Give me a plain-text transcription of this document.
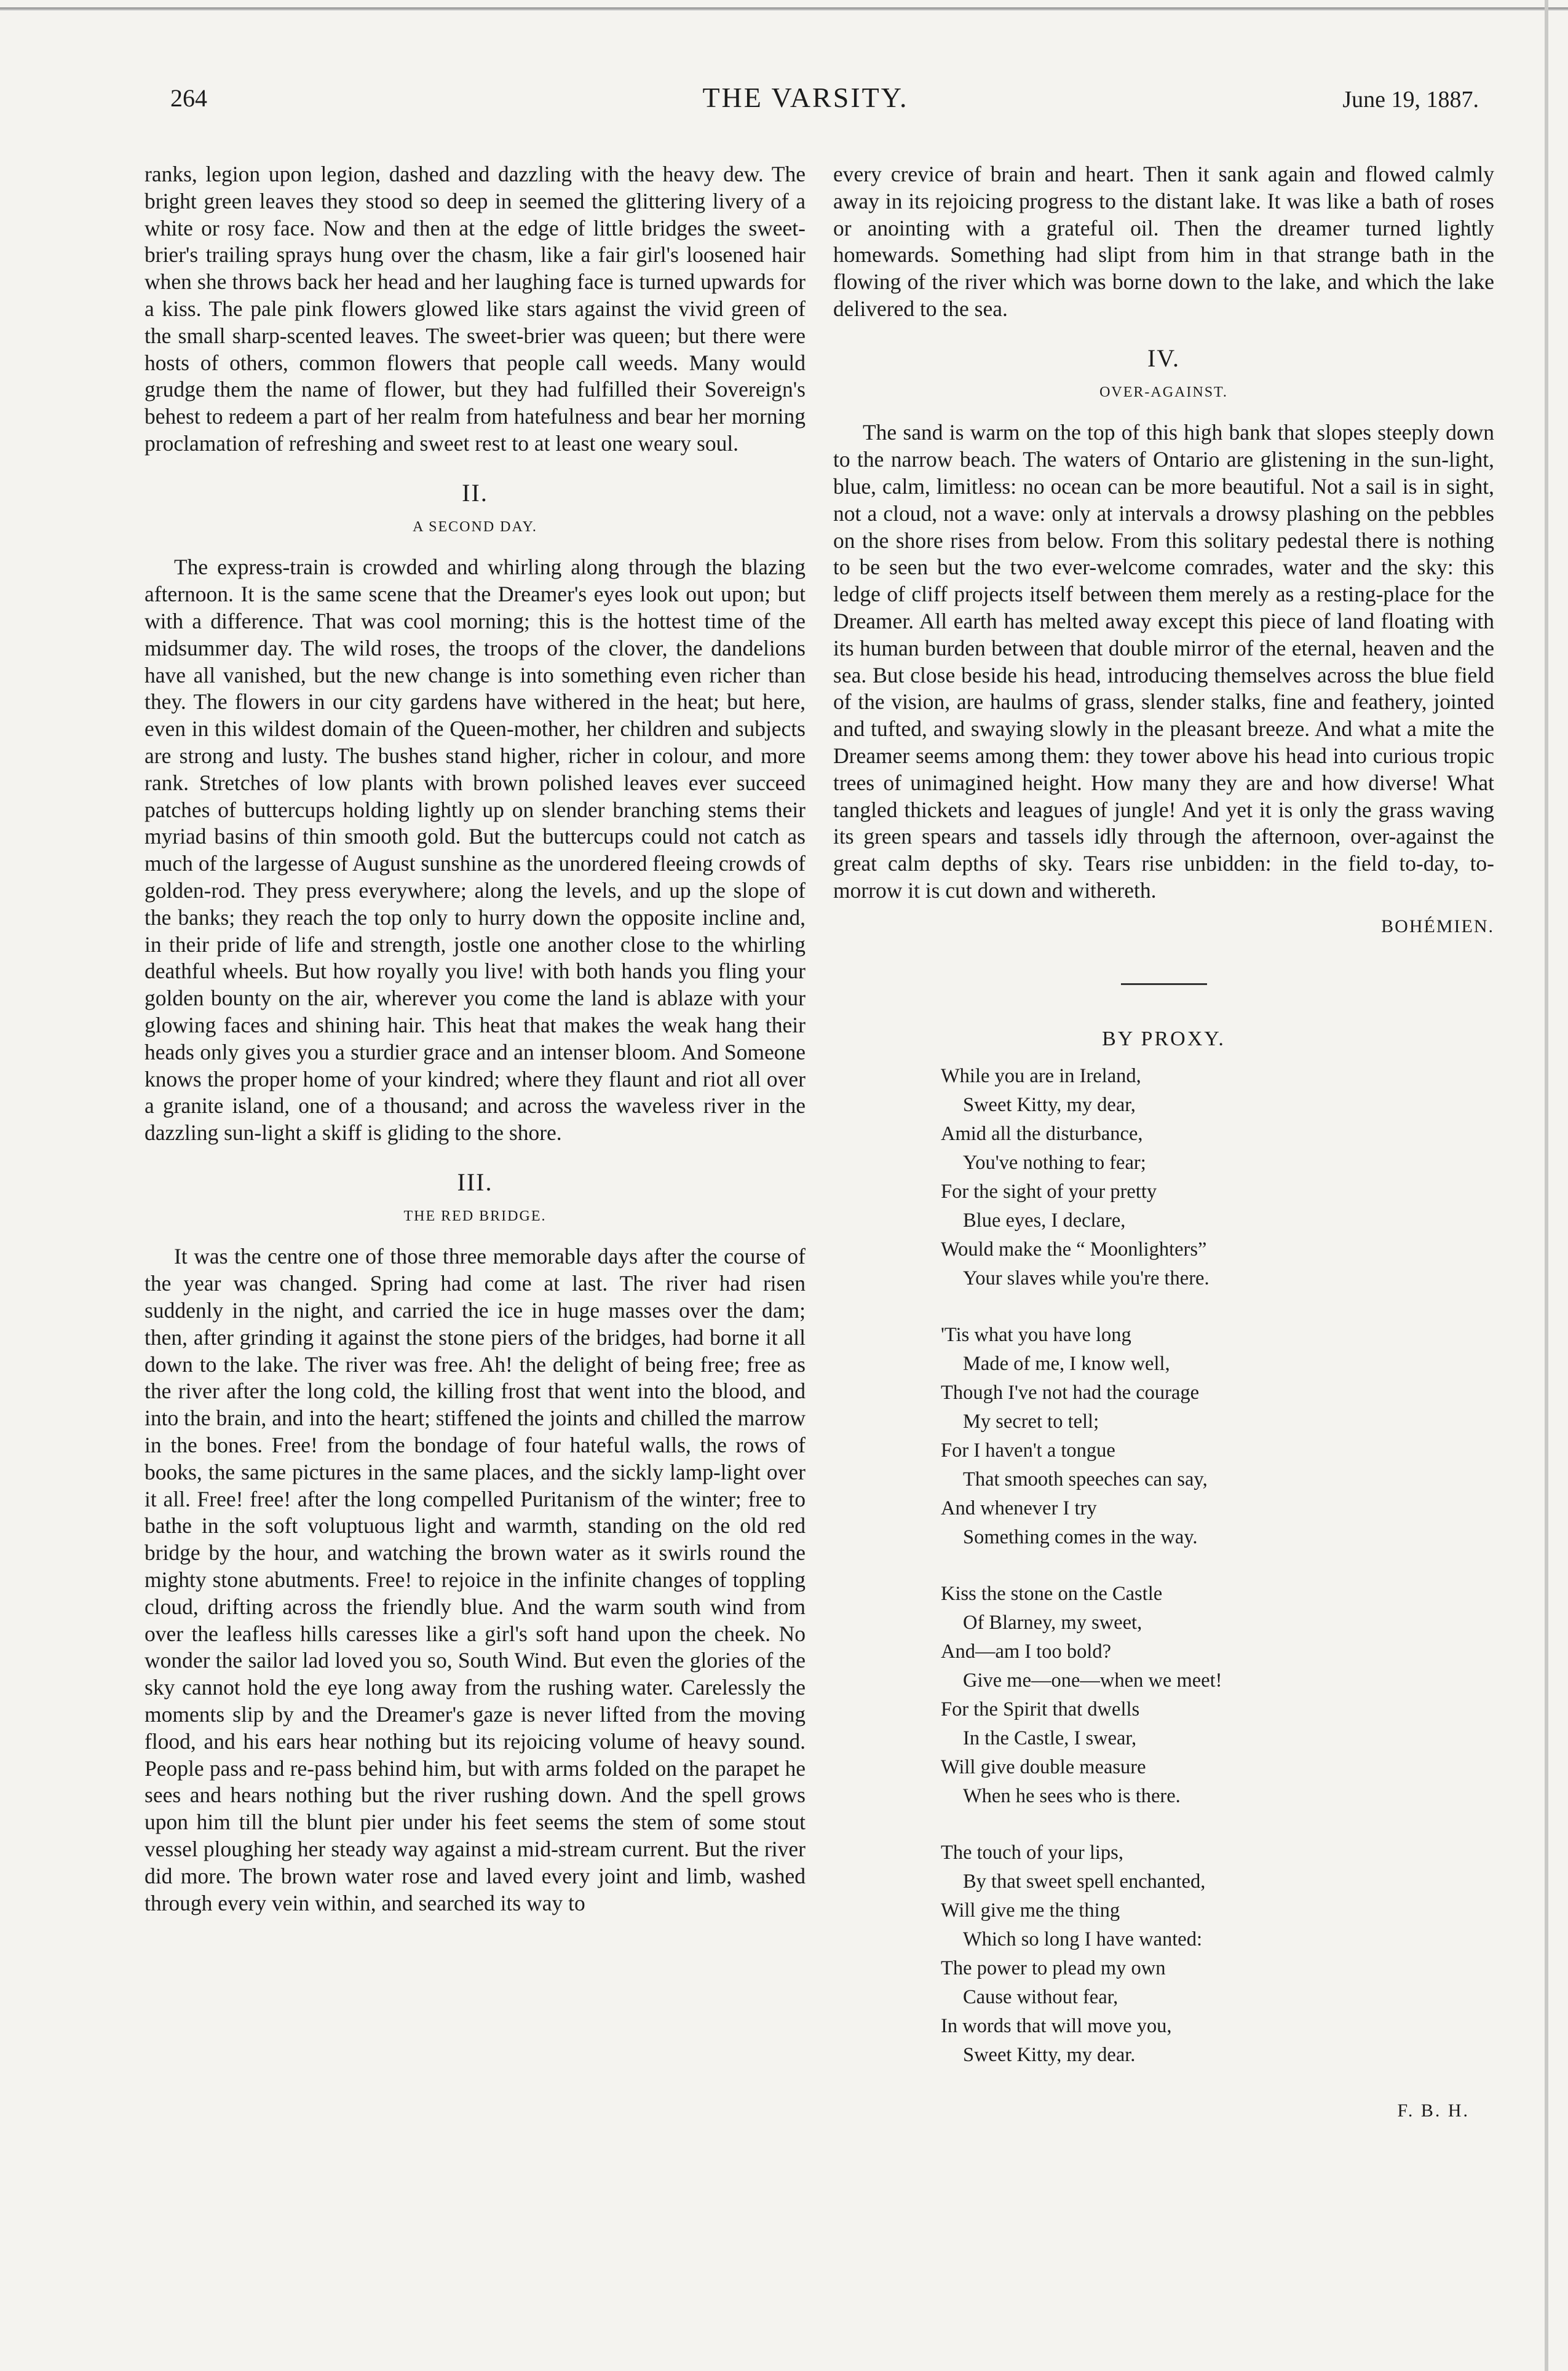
264	THE VARSITY.	June 19, 1887.

ranks, legion upon legion, dashed and dazzling with the heavy dew. The bright green leaves they stood so deep in seemed the glittering livery of a white or rosy face. Now and then at the edge of little bridges the sweet-brier's trailing sprays hung over the chasm, like a fair girl's loosened hair when she throws back her head and her laughing face is turned upwards for a kiss. The pale pink flowers glowed like stars against the vivid green of the small sharp-scented leaves. The sweet-brier was queen; but there were hosts of others, common flowers that people call weeds. Many would grudge them the name of flower, but they had fulfilled their Sovereign's behest to redeem a part of her realm from hatefulness and bear her morning proclamation of refreshing and sweet rest to at least one weary soul.

II.
A SECOND DAY.

The express-train is crowded and whirling along through the blazing afternoon. It is the same scene that the Dreamer's eyes look out upon; but with a difference. That was cool morning; this is the hottest time of the midsummer day. The wild roses, the troops of the clover, the dandelions have all vanished, but the new change is into something even richer than they. The flowers in our city gardens have withered in the heat; but here, even in this wildest domain of the Queen-mother, her children and subjects are strong and lusty. The bushes stand higher, richer in colour, and more rank. Stretches of low plants with brown polished leaves ever succeed patches of buttercups holding lightly up on slender branching stems their myriad basins of thin smooth gold. But the buttercups could not catch as much of the largesse of August sunshine as the unordered fleeing crowds of golden-rod. They press everywhere; along the levels, and up the slope of the banks; they reach the top only to hurry down the opposite incline and, in their pride of life and strength, jostle one another close to the whirling deathful wheels. But how royally you live! with both hands you fling your golden bounty on the air, wherever you come the land is ablaze with your glowing faces and shining hair. This heat that makes the weak hang their heads only gives you a sturdier grace and an intenser bloom. And Someone knows the proper home of your kindred; where they flaunt and riot all over a granite island, one of a thousand; and across the waveless river in the dazzling sun-light a skiff is gliding to the shore.

III.
THE RED BRIDGE.

It was the centre one of those three memorable days after the course of the year was changed. Spring had come at last. The river had risen suddenly in the night, and carried the ice in huge masses over the dam; then, after grinding it against the stone piers of the bridges, had borne it all down to the lake. The river was free. Ah! the delight of being free; free as the river after the long cold, the killing frost that went into the blood, and into the brain, and into the heart; stiffened the joints and chilled the marrow in the bones. Free! from the bondage of four hateful walls, the rows of books, the same pictures in the same places, and the sickly lamp-light over it all. Free! free! after the long compelled Puritanism of the winter; free to bathe in the soft voluptuous light and warmth, standing on the old red bridge by the hour, and watching the brown water as it swirls round the mighty stone abutments. Free! to rejoice in the infinite changes of toppling cloud, drifting across the friendly blue. And the warm south wind from over the leafless hills caresses like a girl's soft hand upon the cheek. No wonder the sailor lad loved you so, South Wind. But even the glories of the sky cannot hold the eye long away from the rushing water. Carelessly the moments slip by and the Dreamer's gaze is never lifted from the moving flood, and his ears hear nothing but its rejoicing volume of heavy sound. People pass and re-pass behind him, but with arms folded on the parapet he sees and hears nothing but the river rushing down. And the spell grows upon him till the blunt pier under his feet seems the stem of some stout vessel ploughing her steady way against a mid-stream current. But the river did more. The brown water rose and laved every joint and limb, washed through every vein within, and searched its way to

every crevice of brain and heart. Then it sank again and flowed calmly away in its rejoicing progress to the distant lake. It was like a bath of roses or anointing with a grateful oil. Then the dreamer turned lightly homewards. Something had slipt from him in that strange bath in the flowing of the river which was borne down to the lake, and which the lake delivered to the sea.

IV.
OVER-AGAINST.

The sand is warm on the top of this high bank that slopes steeply down to the narrow beach. The waters of Ontario are glistening in the sun-light, blue, calm, limitless: no ocean can be more beautiful. Not a sail is in sight, not a cloud, not a wave: only at intervals a drowsy plashing on the pebbles on the shore rises from below. From this solitary pedestal there is nothing to be seen but the two ever-welcome comrades, water and the sky: this ledge of cliff projects itself between them merely as a resting-place for the Dreamer. All earth has melted away except this piece of land floating with its human burden between that double mirror of the eternal, heaven and the sea. But close beside his head, introducing themselves across the blue field of the vision, are haulms of grass, slender stalks, fine and feathery, jointed and tufted, and swaying slowly in the pleasant breeze. And what a mite the Dreamer seems among them: they tower above his head into curious tropic trees of unimagined height. How many they are and how diverse! What tangled thickets and leagues of jungle! And yet it is only the grass waving its green spears and tassels idly through the afternoon, over-against the great calm depths of sky. Tears rise unbidden: in the field to-day, to-morrow it is cut down and withereth.

BOHÉMIEN.
BY PROXY.
While you are in Ireland,
Sweet Kitty, my dear,
Amid all the disturbance,
You've nothing to fear;
For the sight of your pretty
Blue eyes, I declare,
Would make the “ Moonlighters”
Your slaves while you're there.
'Tis what you have long
Made of me, I know well,
Though I've not had the courage
My secret to tell;
For I haven't a tongue
That smooth speeches can say,
And whenever I try
Something comes in the way.
Kiss the stone on the Castle
Of Blarney, my sweet,
And—am I too bold?
Give me—one—when we meet!
For the Spirit that dwells
In the Castle, I swear,
Will give double measure
When he sees who is there.
The touch of your lips,
By that sweet spell enchanted,
Will give me the thing
Which so long I have wanted:
The power to plead my own
Cause without fear,
In words that will move you,
Sweet Kitty, my dear.
F. B. H.
